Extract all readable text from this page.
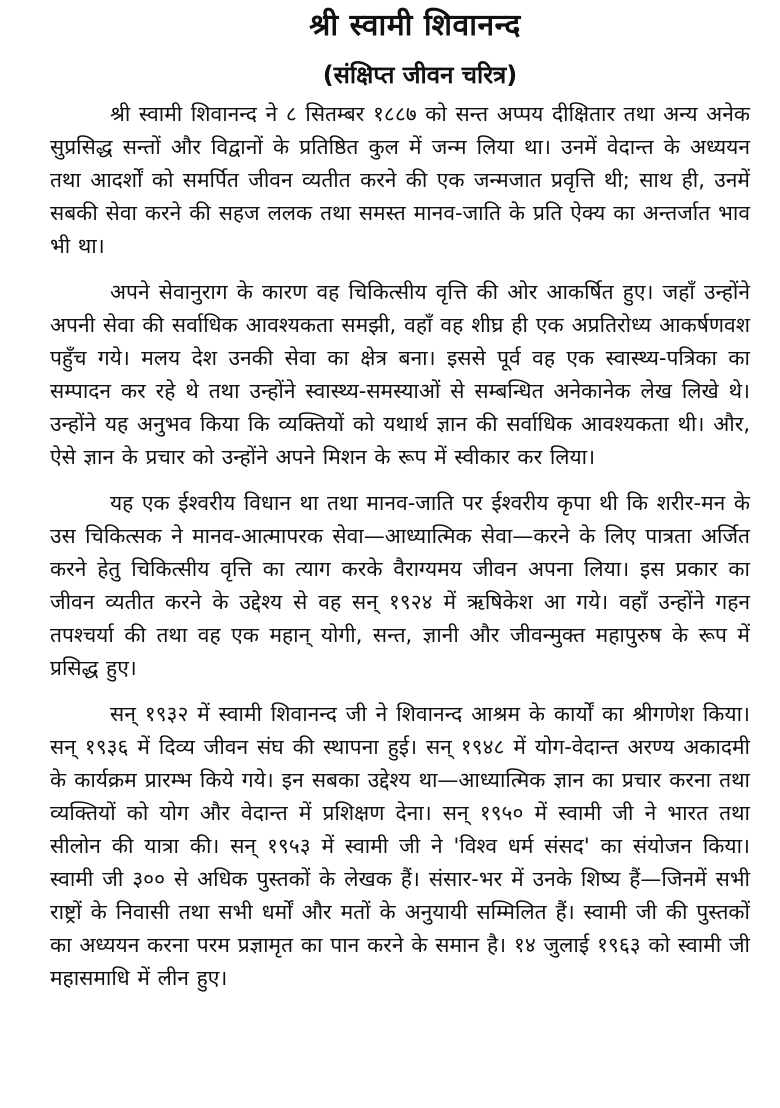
श्री स्वामी शिवानन्द
(संक्षिप्त जीवन चरित्र)

श्री स्वामी शिवानन्द ने ८ सितम्बर १८८७ को सन्त अप्पय दीक्षितार तथा अन्य अनेक सुप्रसिद्ध सन्तों और विद्वानों के प्रतिष्ठित कुल में जन्म लिया था। उनमें वेदान्त के अध्ययन तथा आदर्शों को समर्पित जीवन व्यतीत करने की एक जन्मजात प्रवृत्ति थी; साथ ही, उनमें सबकी सेवा करने की सहज ललक तथा समस्त मानव-जाति के प्रति ऐक्य का अन्तर्जात भाव भी था।

अपने सेवानुराग के कारण वह चिकित्सीय वृत्ति की ओर आकर्षित हुए। जहाँ उन्होंने अपनी सेवा की सर्वाधिक आवश्यकता समझी, वहाँ वह शीघ्र ही एक अप्रतिरोध्य आकर्षणवश पहुँच गये। मलय देश उनकी सेवा का क्षेत्र बना। इससे पूर्व वह एक स्वास्थ्य-पत्रिका का सम्पादन कर रहे थे तथा उन्होंने स्वास्थ्य-समस्याओं से सम्बन्धित अनेकानेक लेख लिखे थे। उन्होंने यह अनुभव किया कि व्यक्तियों को यथार्थ ज्ञान की सर्वाधिक आवश्यकता थी। और, ऐसे ज्ञान के प्रचार को उन्होंने अपने मिशन के रूप में स्वीकार कर लिया।

यह एक ईश्वरीय विधान था तथा मानव-जाति पर ईश्वरीय कृपा थी कि शरीर-मन के उस चिकित्सक ने मानव-आत्मापरक सेवा—आध्यात्मिक सेवा—करने के लिए पात्रता अर्जित करने हेतु चिकित्सीय वृत्ति का त्याग करके वैराग्यमय जीवन अपना लिया। इस प्रकार का जीवन व्यतीत करने के उद्देश्य से वह सन् १९२४ में ऋषिकेश आ गये। वहाँ उन्होंने गहन तपश्चर्या की तथा वह एक महान् योगी, सन्त, ज्ञानी और जीवन्मुक्त महापुरुष के रूप में प्रसिद्ध हुए।

सन् १९३२ में स्वामी शिवानन्द जी ने शिवानन्द आश्रम के कार्यों का श्रीगणेश किया। सन् १९३६ में दिव्य जीवन संघ की स्थापना हुई। सन् १९४८ में योग-वेदान्त अरण्य अकादमी के कार्यक्रम प्रारम्भ किये गये। इन सबका उद्देश्य था—आध्यात्मिक ज्ञान का प्रचार करना तथा व्यक्तियों को योग और वेदान्त में प्रशिक्षण देना। सन् १९५० में स्वामी जी ने भारत तथा सीलोन की यात्रा की। सन् १९५३ में स्वामी जी ने 'विश्व धर्म संसद' का संयोजन किया। स्वामी जी ३०० से अधिक पुस्तकों के लेखक हैं। संसार-भर में उनके शिष्य हैं—जिनमें सभी राष्ट्रों के निवासी तथा सभी धर्मों और मतों के अनुयायी सम्मिलित हैं। स्वामी जी की पुस्तकों का अध्ययन करना परम प्रज्ञामृत का पान करने के समान है। १४ जुलाई १९६३ को स्वामी जी महासमाधि में लीन हुए।
